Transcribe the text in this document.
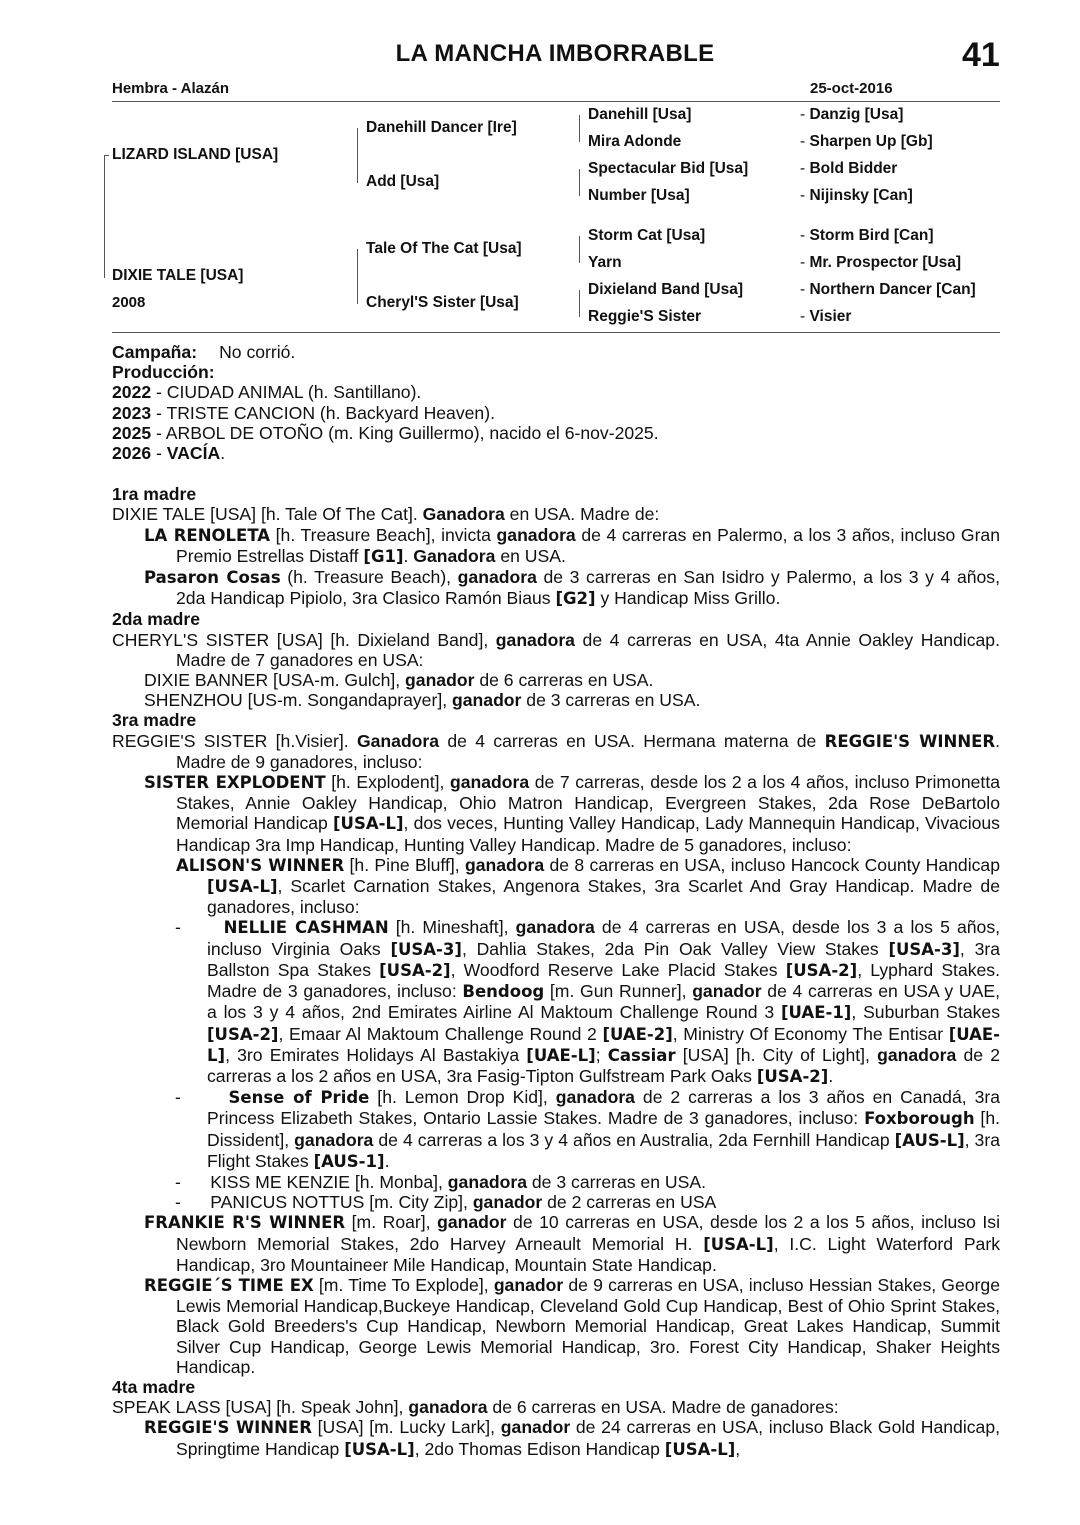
LA MANCHA IMBORRABLE	41
Hembra - Alazán	25-oct-2016
LIZARD ISLAND [USA]
DIXIE TALE [USA]
2008
Danehill Dancer [Ire]
Add [Usa]
Tale Of The Cat [Usa]
Cheryl'S Sister [Usa]
Danehill [Usa]
Mira Adonde
Spectacular Bid [Usa]
Number [Usa]
Storm Cat [Usa]
Yarn
Dixieland Band [Usa]
Reggie'S Sister
- Danzig [Usa]
- Sharpen Up [Gb]
- Bold Bidder
- Nijinsky [Can]
- Storm Bird [Can]
- Mr. Prospector [Usa]
- Northern Dancer [Can]
- Visier

Campaña: No corrió.

Producción:

2022 - CIUDAD ANIMAL (h. Santillano).

2023 - TRISTE CANCION (h. Backyard Heaven).

2025 - ARBOL DE OTOÑO (m. King Guillermo), nacido el 6-nov-2025.

2026 - VACÍA.

1ra madre

DIXIE TALE [USA] [h. Tale Of The Cat]. Ganadora en USA. Madre de:

LA RENOLETA [h. Treasure Beach], invicta ganadora de 4 carreras en Palermo, a los 3 años, incluso Gran Premio Estrellas Distaff [G1]. Ganadora en USA.

Pasaron Cosas (h. Treasure Beach), ganadora de 3 carreras en San Isidro y Palermo, a los 3 y 4 años, 2da Handicap Pipiolo, 3ra Clasico Ramón Biaus [G2] y Handicap Miss Grillo.

2da madre

CHERYL'S SISTER [USA] [h. Dixieland Band], ganadora de 4 carreras en USA, 4ta Annie Oakley Handicap. Madre de 7 ganadores en USA:

DIXIE BANNER [USA-m. Gulch], ganador de 6 carreras en USA.

SHENZHOU [US-m. Songandaprayer], ganador de 3 carreras en USA.

3ra madre

REGGIE'S SISTER [h.Visier]. Ganadora de 4 carreras en USA. Hermana materna de REGGIE'S WINNER. Madre de 9 ganadores, incluso:

SISTER EXPLODENT [h. Explodent], ganadora de 7 carreras, desde los 2 a los 4 años, incluso Primonetta Stakes, Annie Oakley Handicap, Ohio Matron Handicap, Evergreen Stakes, 2da Rose DeBartolo Memorial Handicap [USA-L], dos veces, Hunting Valley Handicap, Lady Mannequin Handicap, Vivacious Handicap 3ra Imp Handicap, Hunting Valley Handicap. Madre de 5 ganadores, incluso:

ALISON'S WINNER [h. Pine Bluff], ganadora de 8 carreras en USA, incluso Hancock County Handicap [USA-L], Scarlet Carnation Stakes, Angenora Stakes, 3ra Scarlet And Gray Handicap. Madre de ganadores, incluso:

-      NELLIE CASHMAN [h. Mineshaft], ganadora de 4 carreras en USA, desde los 3 a los 5 años, incluso Virginia Oaks [USA-3], Dahlia Stakes, 2da Pin Oak Valley View Stakes [USA-3], 3ra Ballston Spa Stakes [USA-2], Woodford Reserve Lake Placid Stakes [USA-2], Lyphard Stakes. Madre de 3 ganadores, incluso: Bendoog [m. Gun Runner], ganador de 4 carreras en USA y UAE, a los 3 y 4 años, 2nd Emirates Airline Al Maktoum Challenge Round 3 [UAE-1], Suburban Stakes [USA-2], Emaar Al Maktoum Challenge Round 2 [UAE-2], Ministry Of Economy The Entisar [UAE-L], 3ro Emirates Holidays Al Bastakiya [UAE-L]; Cassiar [USA] [h. City of Light], ganadora de 2 carreras a los 2 años en USA, 3ra Fasig-Tipton Gulfstream Park Oaks [USA-2].

-      Sense of Pride [h. Lemon Drop Kid], ganadora de 2 carreras a los 3 años en Canadá, 3ra Princess Elizabeth Stakes, Ontario Lassie Stakes. Madre de 3 ganadores, incluso: Foxborough [h. Dissident], ganadora de 4 carreras a los 3 y 4 años en Australia, 2da Fernhill Handicap [AUS-L], 3ra Flight Stakes [AUS-1].

-      KISS ME KENZIE [h. Monba], ganadora de 3 carreras en USA.

-      PANICUS NOTTUS [m. City Zip], ganador de 2 carreras en USA

FRANKIE R'S WINNER [m. Roar], ganador de 10 carreras en USA, desde los 2 a los 5 años, incluso Isi Newborn Memorial Stakes, 2do Harvey Arneault Memorial H. [USA-L], I.C. Light Waterford Park Handicap, 3ro Mountaineer Mile Handicap, Mountain State Handicap.

REGGIE´S TIME EX [m. Time To Explode], ganador de 9 carreras en USA, incluso Hessian Stakes, George Lewis Memorial Handicap,Buckeye Handicap, Cleveland Gold Cup Handicap, Best of Ohio Sprint Stakes, Black Gold Breeders's Cup Handicap, Newborn Memorial Handicap, Great Lakes Handicap, Summit Silver Cup Handicap, George Lewis Memorial Handicap, 3ro. Forest City Handicap, Shaker Heights Handicap.

4ta madre

SPEAK LASS [USA] [h. Speak John], ganadora de 6 carreras en USA. Madre de ganadores:

REGGIE'S WINNER [USA] [m. Lucky Lark], ganador de 24 carreras en USA, incluso Black Gold Handicap, Springtime Handicap [USA-L], 2do Thomas Edison Handicap [USA-L],
